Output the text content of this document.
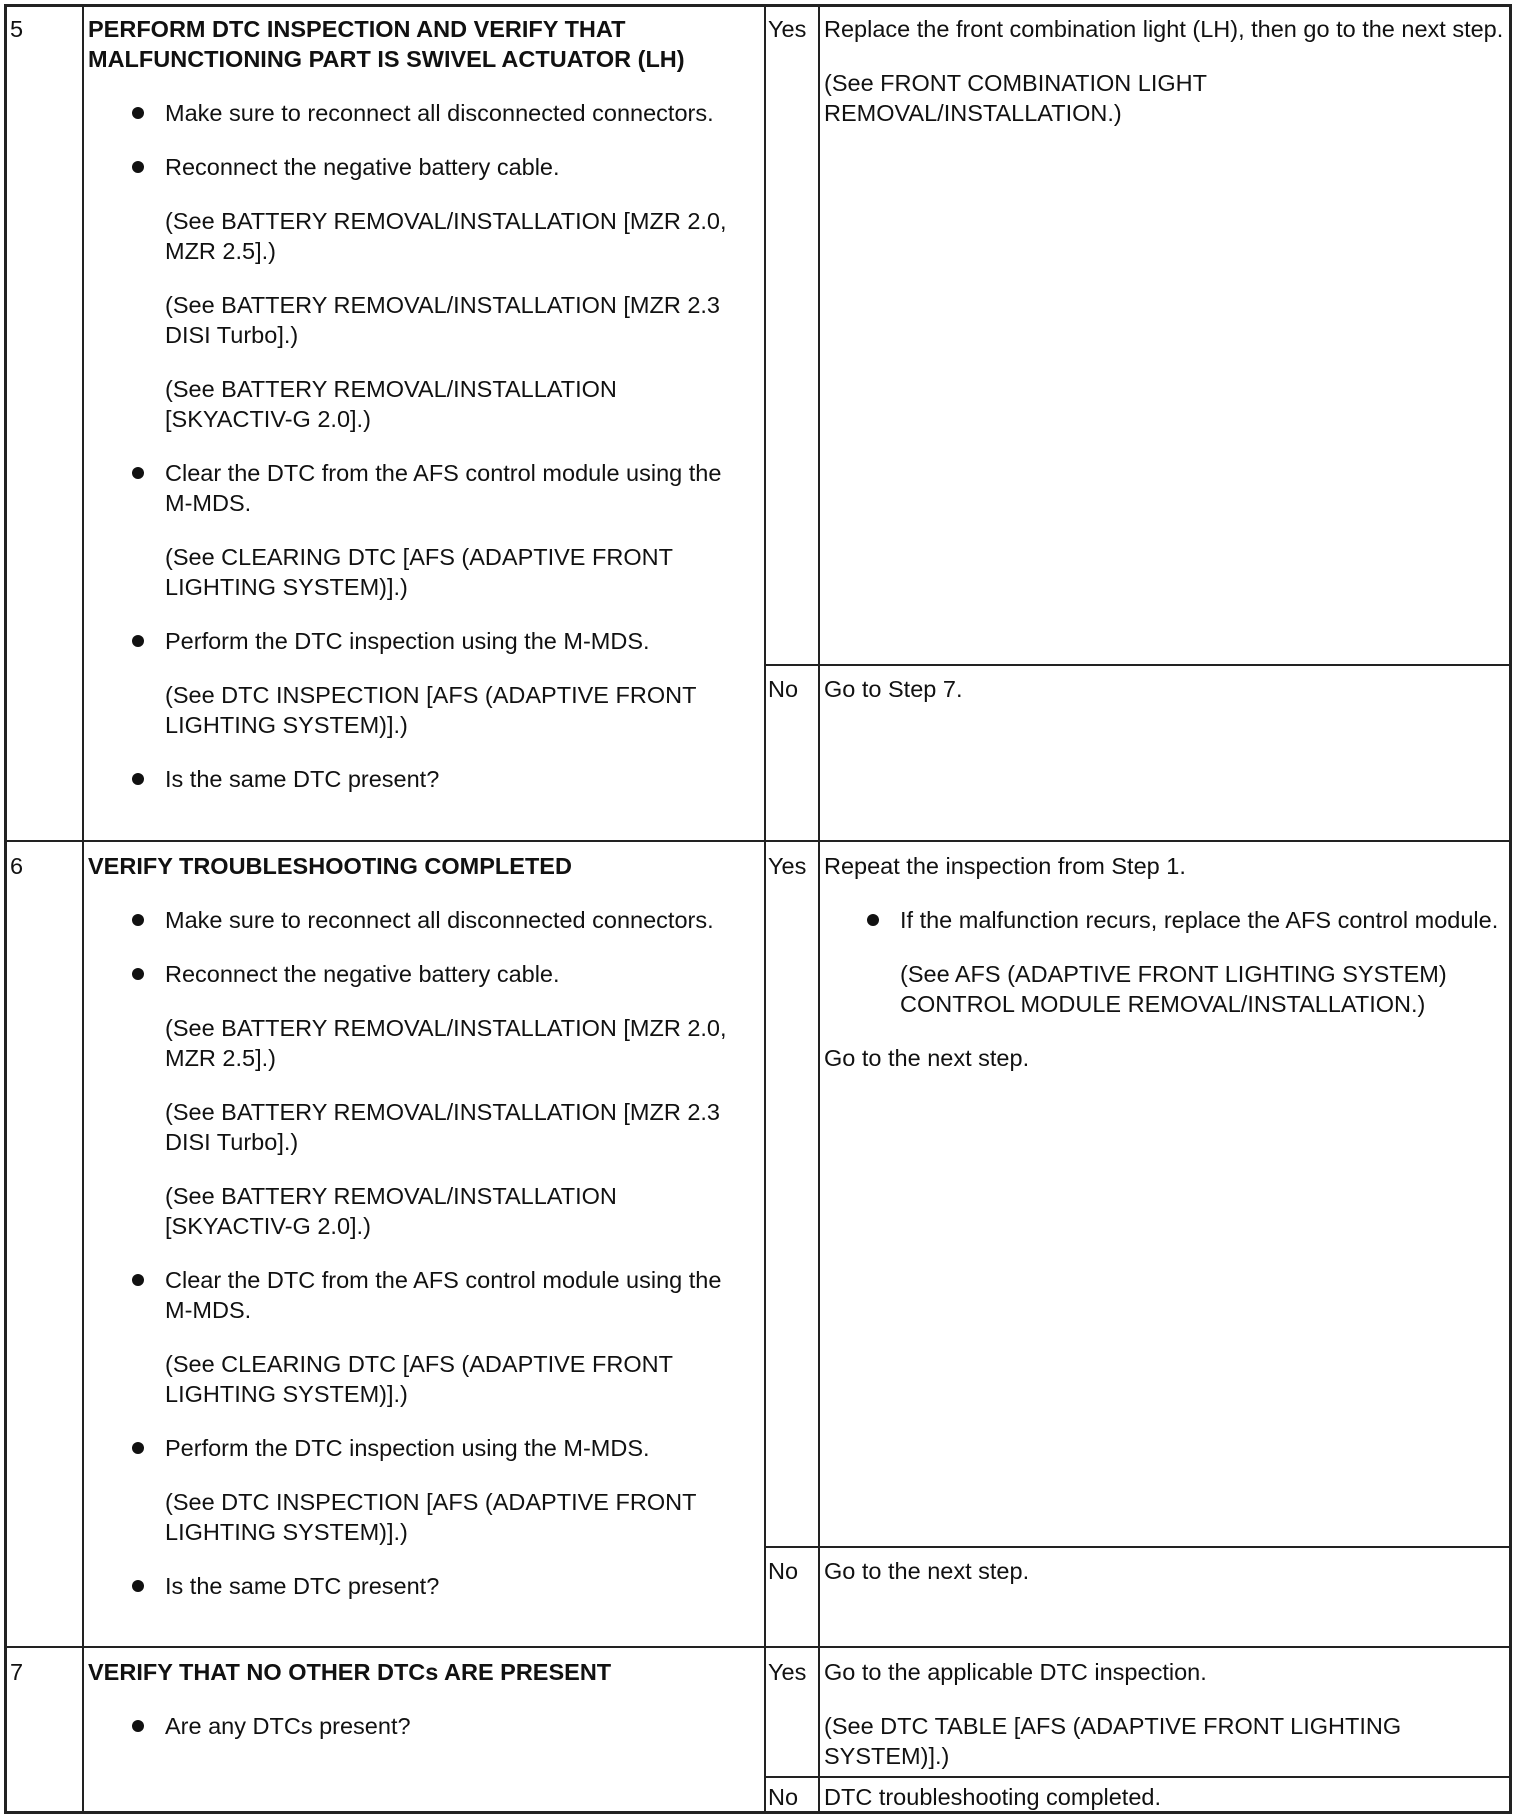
5	PERFORM DTC INSPECTION AND VERIFY THAT MALFUNCTIONING PART IS SWIVEL ACTUATOR (LH)
Make sure to reconnect all disconnected connectors.
Reconnect the negative battery cable.
(See BATTERY REMOVAL/INSTALLATION [MZR 2.0, MZR 2.5].)
(See BATTERY REMOVAL/INSTALLATION [MZR 2.3 DISI Turbo].)
(See BATTERY REMOVAL/INSTALLATION [SKYACTIV-G 2.0].)
Clear the DTC from the AFS control module using the M-MDS.
(See CLEARING DTC [AFS (ADAPTIVE FRONT LIGHTING SYSTEM)].)
Perform the DTC inspection using the M-MDS.
(See DTC INSPECTION [AFS (ADAPTIVE FRONT LIGHTING SYSTEM)].)
Is the same DTC present?
Yes Replace the front combination light (LH), then go to the next step.

(See FRONT COMBINATION LIGHT REMOVAL/INSTALLATION.)

No	Go to Step 7.

6	VERIFY TROUBLESHOOTING COMPLETED
Make sure to reconnect all disconnected connectors.
Reconnect the negative battery cable.
(See BATTERY REMOVAL/INSTALLATION [MZR 2.0, MZR 2.5].)
(See BATTERY REMOVAL/INSTALLATION [MZR 2.3 DISI Turbo].)
(See BATTERY REMOVAL/INSTALLATION [SKYACTIV-G 2.0].)
Clear the DTC from the AFS control module using the M-MDS.
(See CLEARING DTC [AFS (ADAPTIVE FRONT LIGHTING SYSTEM)].)
Perform the DTC inspection using the M-MDS.
(See DTC INSPECTION [AFS (ADAPTIVE FRONT LIGHTING SYSTEM)].)
Is the same DTC present?
Yes Repeat the inspection from Step 1.

If the malfunction recurs, replace the AFS control module.
(See AFS (ADAPTIVE FRONT LIGHTING SYSTEM) CONTROL MODULE REMOVAL/INSTALLATION.)

Go to the next step.

No	Go to the next step.

7	VERIFY THAT NO OTHER DTCs ARE PRESENT
Are any DTCs present?
Yes Go to the applicable DTC inspection.

(See DTC TABLE [AFS (ADAPTIVE FRONT LIGHTING SYSTEM)].)

No	DTC troubleshooting completed.
